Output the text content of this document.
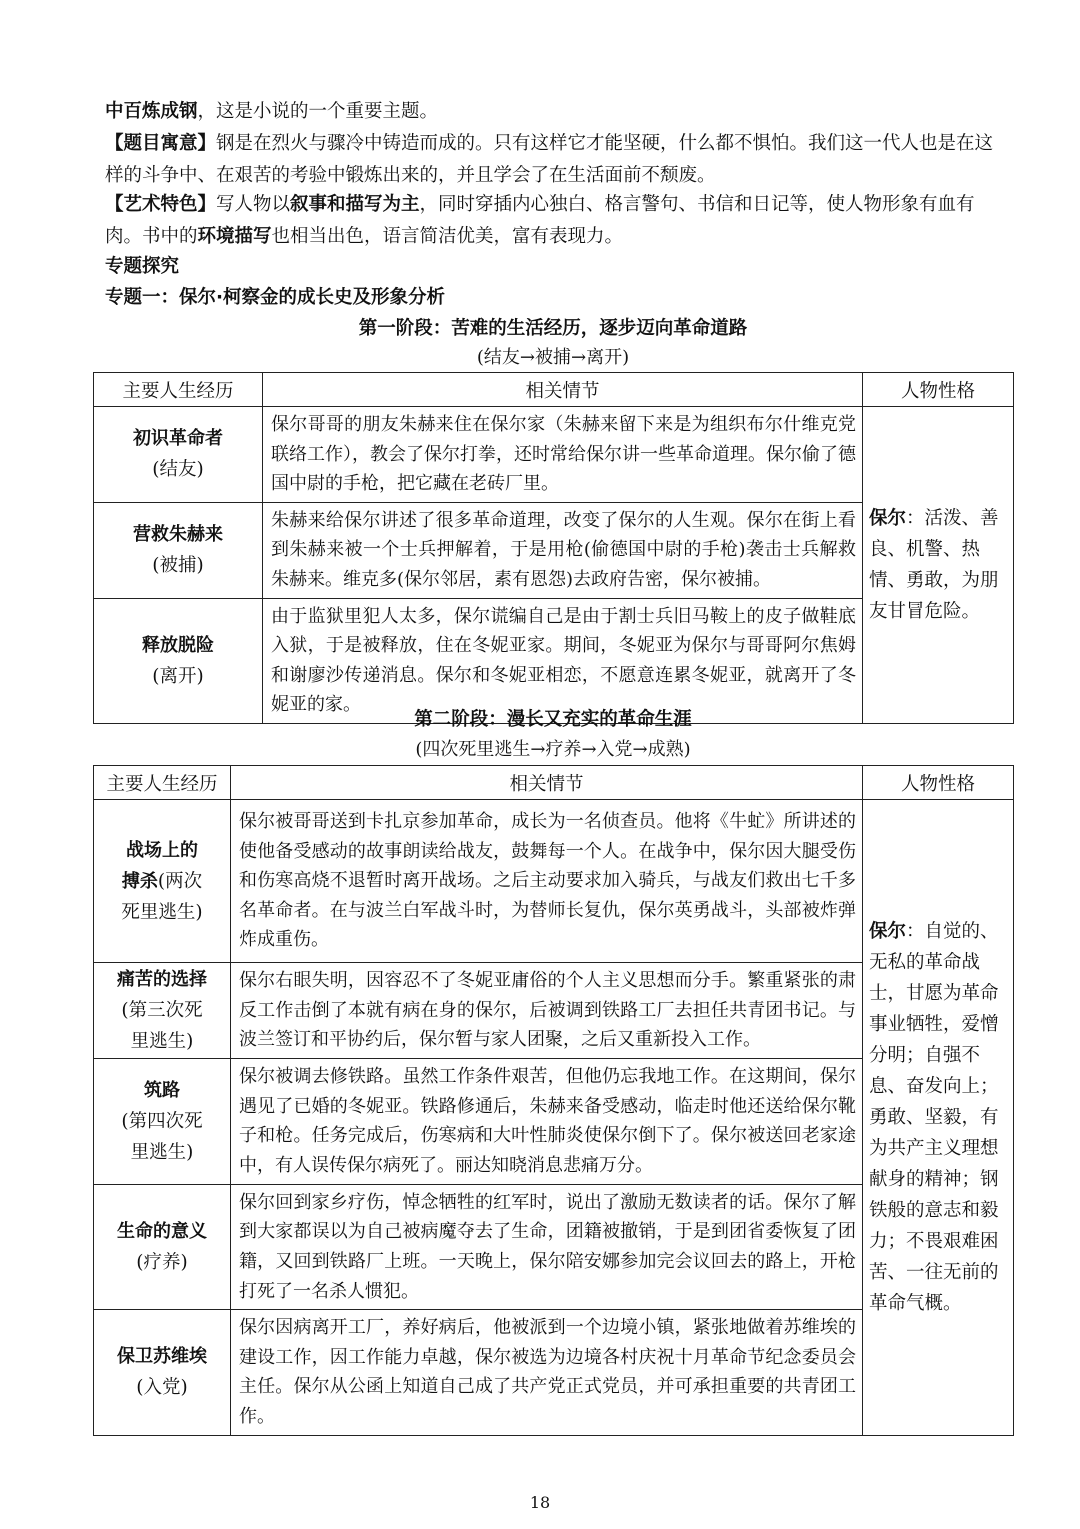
中百炼成钢，这是小说的一个重要主题。

【题目寓意】钢是在烈火与骤冷中铸造而成的。只有这样它才能坚硬，什么都不惧怕。我们这一代人也是在这样的斗争中、在艰苦的考验中锻炼出来的，并且学会了在生活面前不颓废。

【艺术特色】写人物以叙事和描写为主，同时穿插内心独白、格言警句、书信和日记等，使人物形象有血有肉。书中的环境描写也相当出色，语言简洁优美，富有表现力。

专题探究

专题一：保尔·柯察金的成长史及形象分析

第一阶段：苦难的生活经历，逐步迈向革命道路

(结友→被捕→离开)

主要人生经历	相关情节	人物性格

初识革命者
(结友)	保尔哥哥的朋友朱赫来住在保尔家（朱赫来留下来是为组织布尔什维克党联络工作），教会了保尔打拳，还时常给保尔讲一些革命道理。保尔偷了德国中尉的手枪，把它藏在老砖厂里。	保尔：活泼、善良、机警、热情、勇敢，为朋友甘冒危险。

营救朱赫来
(被捕)	朱赫来给保尔讲述了很多革命道理，改变了保尔的人生观。保尔在街上看到朱赫来被一个士兵押解着，于是用枪(偷德国中尉的手枪)袭击士兵解救朱赫来。维克多(保尔邻居，素有恩怨)去政府告密，保尔被捕。	

释放脱险
(离开)	由于监狱里犯人太多，保尔谎编自己是由于割士兵旧马鞍上的皮子做鞋底入狱，于是被释放，住在冬妮亚家。期间，冬妮亚为保尔与哥哥阿尔焦姆和谢廖沙传递消息。保尔和冬妮亚相恋，不愿意连累冬妮亚，就离开了冬妮亚的家。	

第二阶段：漫长又充实的革命生涯

(四次死里逃生→疗养→入党→成熟)

主要人生经历	相关情节	人物性格

战场上的
搏杀(两次
死里逃生)	保尔被哥哥送到卡扎京参加革命，成长为一名侦查员。他将《牛虻》所讲述的使他备受感动的故事朗读给战友，鼓舞每一个人。在战争中，保尔因大腿受伤和伤寒高烧不退暂时离开战场。之后主动要求加入骑兵，与战友们救出七千多名革命者。在与波兰白军战斗时，为替师长复仇，保尔英勇战斗，头部被炸弹炸成重伤。	保尔：自觉的、无私的革命战士，甘愿为革命事业牺牲，爱憎分明；自强不息、奋发向上；勇敢、坚毅，有为共产主义理想献身的精神；钢铁般的意志和毅力；不畏艰难困苦、一往无前的革命气概。

痛苦的选择
(第三次死
里逃生)	保尔右眼失明，因容忍不了冬妮亚庸俗的个人主义思想而分手。繁重紧张的肃反工作击倒了本就有病在身的保尔，后被调到铁路工厂去担任共青团书记。与波兰签订和平协约后，保尔暂与家人团聚，之后又重新投入工作。	

筑路
(第四次死
里逃生)	保尔被调去修铁路。虽然工作条件艰苦，但他仍忘我地工作。在这期间，保尔遇见了已婚的冬妮亚。铁路修通后，朱赫来备受感动，临走时他还送给保尔靴子和枪。任务完成后，伤寒病和大叶性肺炎使保尔倒下了。保尔被送回老家途中，有人误传保尔病死了。丽达知晓消息悲痛万分。	

生命的意义
(疗养)	保尔回到家乡疗伤，悼念牺牲的红军时，说出了激励无数读者的话。保尔了解到大家都误以为自己被病魔夺去了生命，团籍被撤销，于是到团省委恢复了团籍，又回到铁路厂上班。一天晚上，保尔陪安娜参加完会议回去的路上，开枪打死了一名杀人惯犯。	

保卫苏维埃
(入党)	保尔因病离开工厂，养好病后，他被派到一个边境小镇，紧张地做着苏维埃的建设工作，因工作能力卓越，保尔被选为边境各村庆祝十月革命节纪念委员会主任。保尔从公函上知道自己成了共产党正式党员，并可承担重要的共青团工作。	
18
